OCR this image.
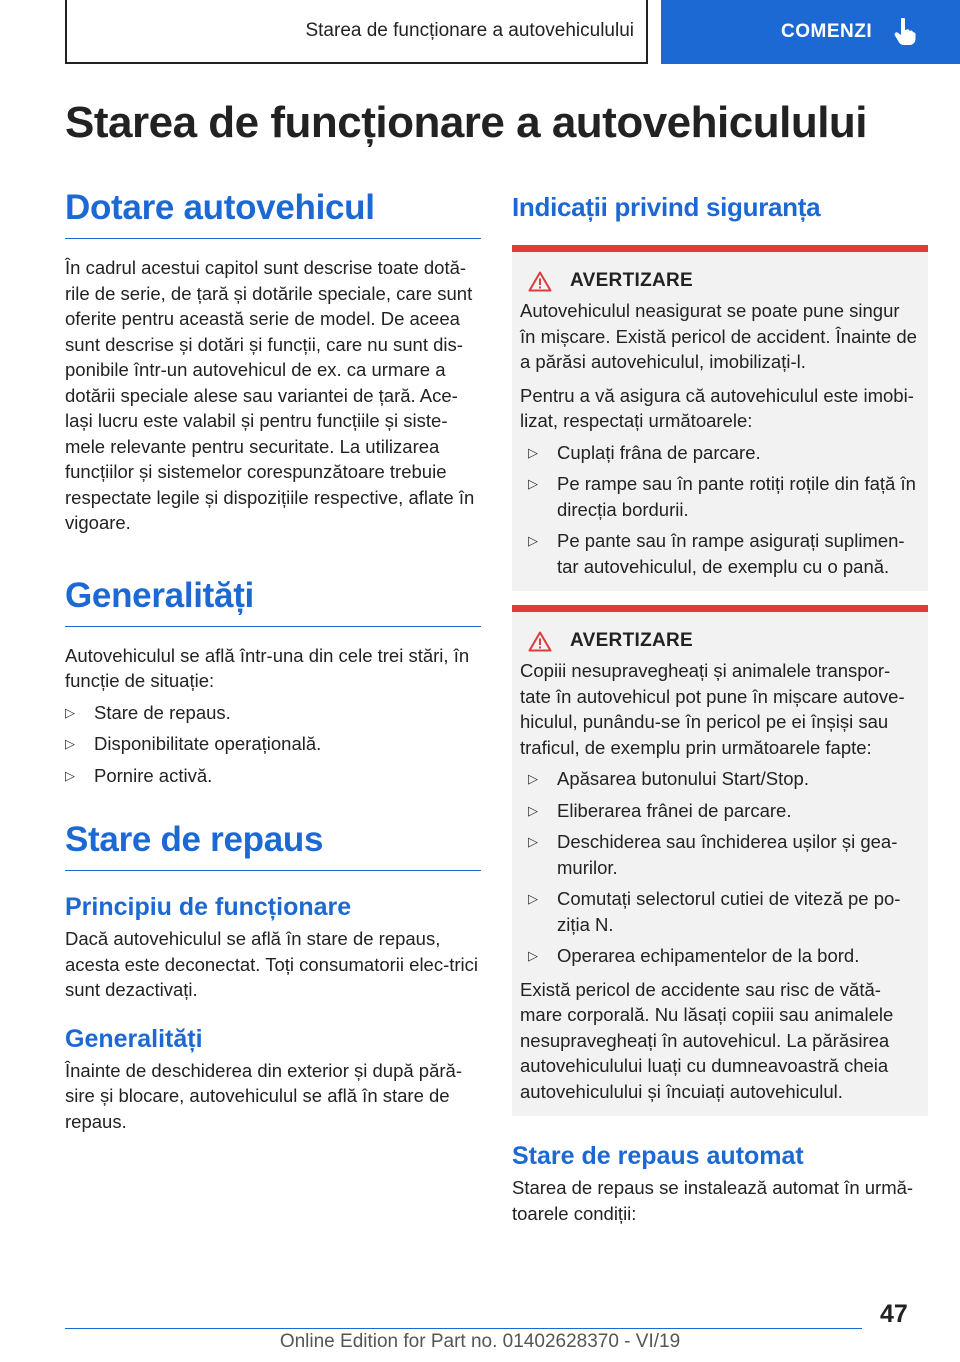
Starea de funcționare a autovehiculului	COMENZI
Starea de funcționare a autovehiculului
Dotare autovehicul

În cadrul acestui capitol sunt descrise toate dotă-rile de serie, de țară și dotările speciale, care sunt oferite pentru această serie de model. De aceea sunt descrise și dotări și funcții, care nu sunt dis-ponibile într-un autovehicul de ex. ca urmare a dotării speciale alese sau variantei de țară. Ace-lași lucru este valabil și pentru funcțiile și siste-mele relevante pentru securitate. La utilizarea funcțiilor și sistemelor corespunzătoare trebuie respectate legile și dispozițiile respective, aflate în vigoare.

Generalități

Autovehiculul se află într-una din cele trei stări, în funcție de situație:

▷ Stare de repaus.
▷ Disponibilitate operațională.
▷ Pornire activă.
Stare de repaus
Principiu de funcționare

Dacă autovehiculul se află în stare de repaus, acesta este deconectat. Toți consumatorii elec-trici sunt dezactivați.

Generalități

Înainte de deschiderea din exterior și după pără-sire și blocare, autovehiculul se află în stare de repaus.

Indicații privind siguranța
AVERTIZARE

Autovehiculul neasigurat se poate pune singur în mișcare. Există pericol de accident. Înainte de a părăsi autovehiculul, imobilizați-l.

Pentru a vă asigura că autovehiculul este imobi-lizat, respectați următoarele:

▷ Cuplați frâna de parcare.
▷ Pe rampe sau în pante rotiți roțile din față în direcția bordurii.
▷ Pe pante sau în rampe asigurați suplimen-tar autovehiculul, de exemplu cu o pană.
AVERTIZARE

Copiii nesupravegheați și animalele transpor-tate în autovehicul pot pune în mișcare autove-hiculul, punându-se în pericol pe ei înșiși sau traficul, de exemplu prin următoarele fapte:

▷ Apăsarea butonului Start/Stop.
▷ Eliberarea frânei de parcare.
▷ Deschiderea sau închiderea ușilor și gea-murilor.
▷ Comutați selectorul cutiei de viteză pe po-ziția N.
▷ Operarea echipamentelor de la bord.

Există pericol de accidente sau risc de vătă-mare corporală. Nu lăsați copiii sau animalele nesupravegheați în autovehicul. La părăsirea autovehiculului luați cu dumneavoastră cheia autovehiculului și încuiați autovehiculul.

Stare de repaus automat

Starea de repaus se instalează automat în urmă-toarele condiții:

47
Online Edition for Part no. 01402628370 - VI/19
